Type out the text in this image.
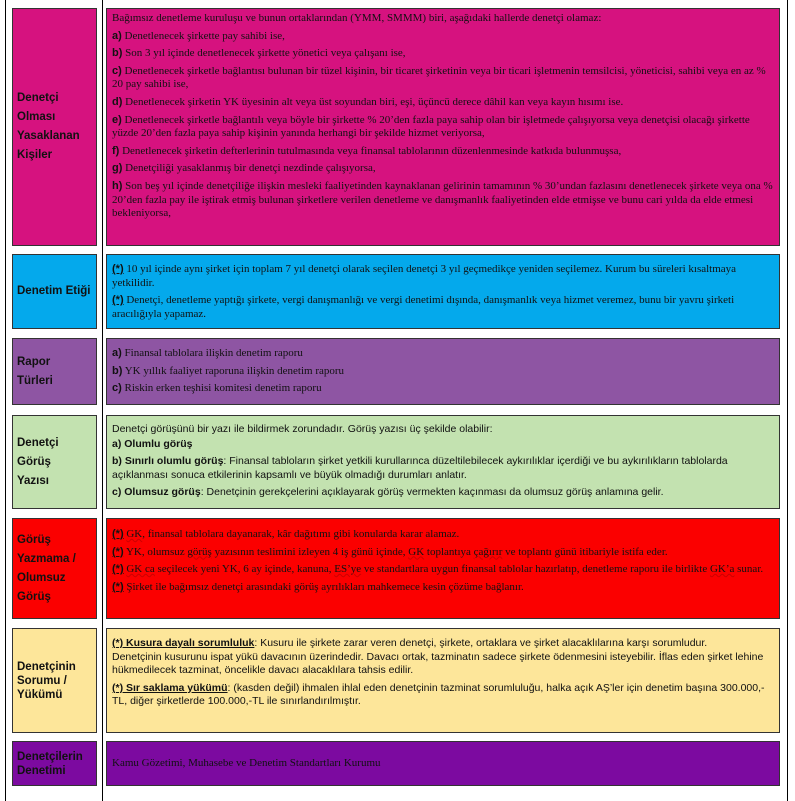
Denetçi
Olması
Yasaklanan
Kişiler

Bağımsız denetleme kuruluşu ve bunun ortaklarından (YMM, SMMM) biri, aşağıdaki hallerde denetçi olamaz:

a) Denetlenecek şirkette pay sahibi ise,

b) Son 3 yıl içinde denetlenecek şirkette yönetici veya çalışanı ise,

c) Denetlenecek şirketle bağlantısı bulunan bir tüzel kişinin, bir ticaret şirketinin veya bir ticari işletmenin temsilcisi, yöneticisi, sahibi veya en az % 20 pay sahibi ise,

d) Denetlenecek şirketin YK üyesinin alt veya üst soyundan biri, eşi, üçüncü derece dâhil kan veya kayın hısımı ise.

e) Denetlenecek şirketle bağlantılı veya böyle bir şirkette % 20’den fazla paya sahip olan bir işletmede çalışıyorsa veya denetçisi olacağı şirkette yüzde 20’den fazla paya sahip kişinin yanında herhangi bir şekilde hizmet veriyorsa,

f) Denetlenecek şirketin defterlerinin tutulmasında veya finansal tablolarının düzenlenmesinde katkıda bulunmuşsa,

g) Denetçiliği yasaklanmış bir denetçi nezdinde çalışıyorsa,

h) Son beş yıl içinde denetçiliğe ilişkin mesleki faaliyetinden kaynaklanan gelirinin tamamının % 30’undan fazlasını denetlenecek şirkete veya ona % 20’den fazla pay ile iştirak etmiş bulunan şirketlere verilen denetleme ve danışmanlık faaliyetinden elde etmişse ve bunu cari yılda da elde etmesi bekleniyorsa,

Denetim Etiği

(*) 10 yıl içinde aynı şirket için toplam 7 yıl denetçi olarak seçilen denetçi 3 yıl geçmedikçe yeniden seçilemez. Kurum bu süreleri kısaltmaya yetkilidir.

(*) Denetçi, denetleme yaptığı şirkete, vergi danışmanlığı ve vergi denetimi dışında, danışmanlık veya hizmet veremez, bunu bir yavru şirketi aracılığıyla yapamaz.

Rapor
Türleri

a) Finansal tablolara ilişkin denetim raporu

b) YK yıllık faaliyet raporuna ilişkin denetim raporu

c) Riskin erken teşhisi komitesi denetim raporu

Denetçi
Görüş
Yazısı

Denetçi görüşünü bir yazı ile bildirmek zorundadır. Görüş yazısı üç şekilde olabilir:

a) Olumlu görüş

b) Sınırlı olumlu görüş: Finansal tabloların şirket yetkili kurullarınca düzeltilebilecek aykırılıklar içerdiği ve bu aykırılıkların tablolarda açıklanması sonuca etkilerinin kapsamlı ve büyük olmadığı durumları anlatır.

c) Olumsuz görüş: Denetçinin gerekçelerini açıklayarak görüş vermekten kaçınması da olumsuz görüş anlamına gelir.

Görüş
Yazmama /
Olumsuz
Görüş

(*) GK, finansal tablolara dayanarak, kâr dağıtımı gibi konularda karar alamaz.

(*) YK, olumsuz görüş yazısının teslimini izleyen 4 iş günü içinde, GK toplantıya çağırır ve toplantı günü itibariyle istifa eder.

(*) GK ca seçilecek yeni YK, 6 ay içinde, kanuna, ES’ye ve standartlara uygun finansal tablolar hazırlatıp, denetleme raporu ile birlikte GK’a sunar.

(*) Şirket ile bağımsız denetçi arasındaki görüş ayrılıkları mahkemece kesin çözüme bağlanır.

Denetçinin
Sorumu /
Yükümü

(*) Kusura dayalı sorumluluk: Kusuru ile şirkete zarar veren denetçi, şirkete, ortaklara ve şirket alacaklılarına karşı sorumludur.

Denetçinin kusurunu ispat yükü davacının üzerindedir. Davacı ortak, tazminatın sadece şirkete ödenmesini isteyebilir. İflas eden şirket lehine hükmedilecek tazminat, öncelikle davacı alacaklılara tahsis edilir.

(*) Sır saklama yükümü: (kasden değil) ihmalen ihlal eden denetçinin tazminat sorumluluğu, halka açık AŞ’ler için denetim başına 300.000,-TL, diğer şirketlerde 100.000,-TL ile sınırlandırılmıştır.

Denetçilerin
Denetimi
Kamu Gözetimi, Muhasebe ve Denetim Standartları Kurumu
